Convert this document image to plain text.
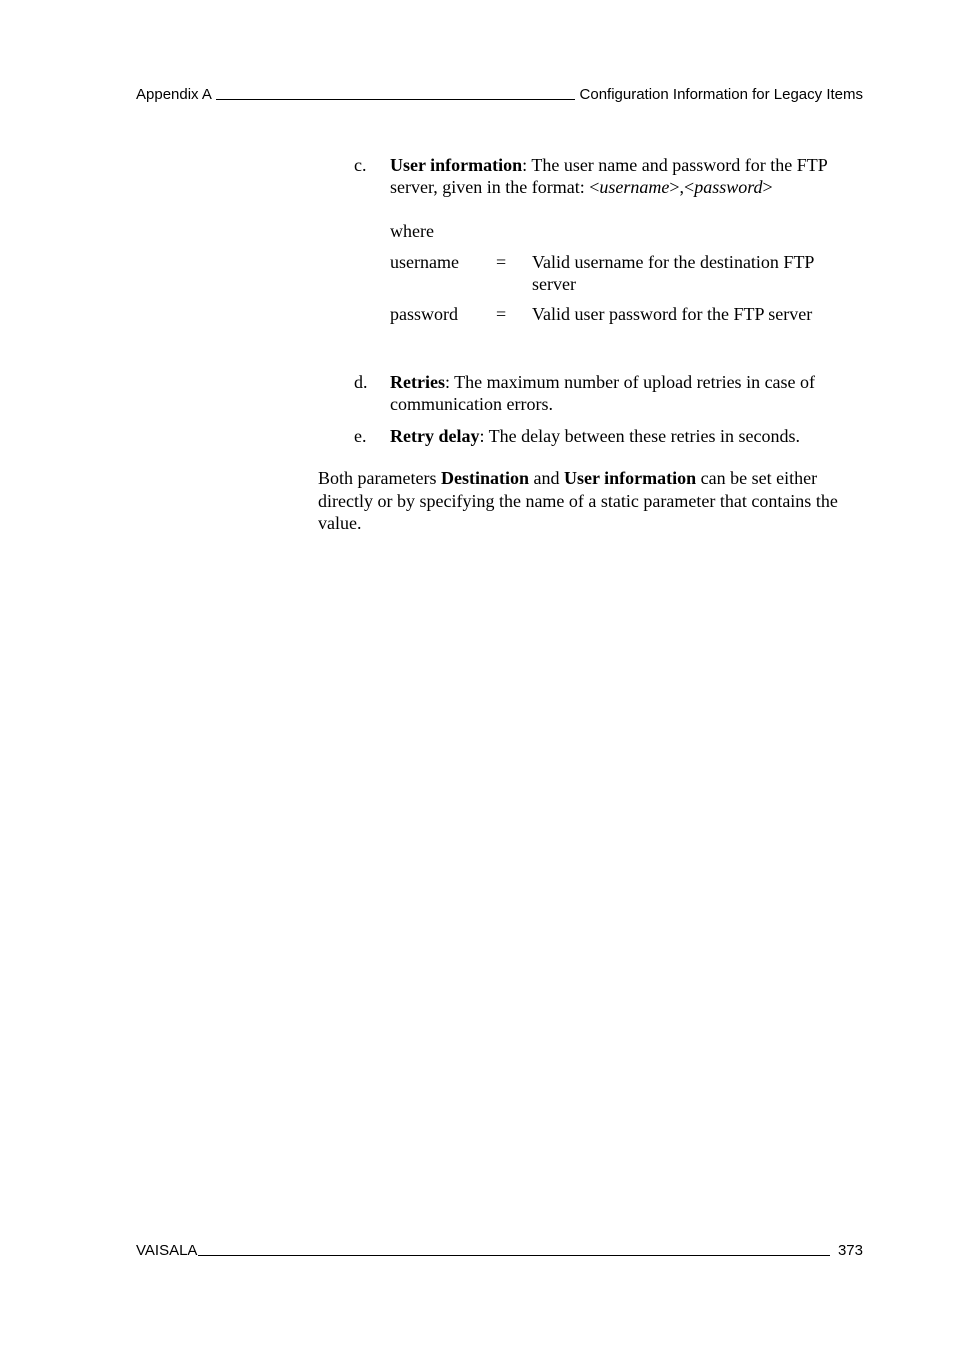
Appendix A	Configuration Information for Legacy Items
c. User information: The user name and password for the FTP server, given in the format: <username>,<password>
where
username = Valid username for the destination FTP server
password = Valid user password for the FTP server
d. Retries: The maximum number of upload retries in case of communication errors.
e. Retry delay: The delay between these retries in seconds.
Both parameters Destination and User information can be set either directly or by specifying the name of a static parameter that contains the value.
VAISALA	373
